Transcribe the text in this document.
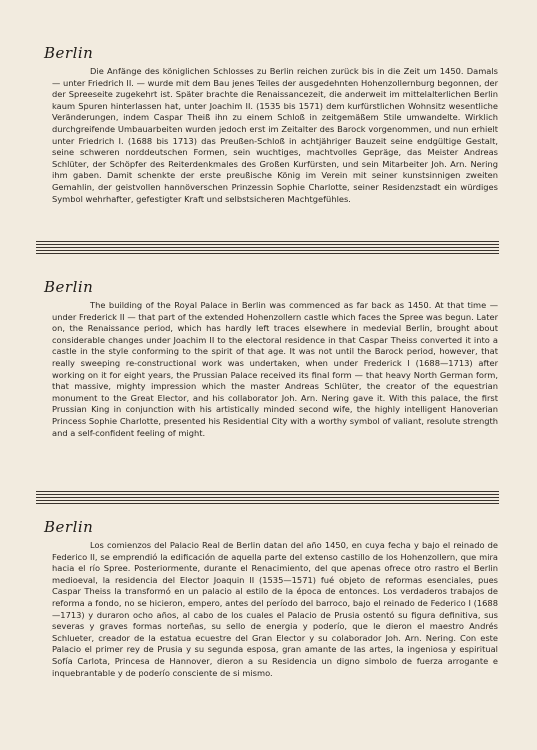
Berlin

Die Anfänge des königlichen Schlosses zu Berlin reichen zurück bis in die Zeit um 1450. Damals — unter Friedrich II. — wurde mit dem Bau jenes Teiles der ausgedehnten Hohenzollernburg begonnen, der der Spreeseite zugekehrt ist. Später brachte die Renaissancezeit, die anderweit im mittelalterlichen Berlin kaum Spuren hinterlassen hat, unter Joachim II. (1535 bis 1571) dem kurfürstlichen Wohnsitz wesentliche Veränderungen, indem Caspar Theiß ihn zu einem Schloß in zeitgemäßem Stile umwandelte. Wirklich durchgreifende Umbauarbeiten wurden jedoch erst im Zeitalter des Barock vorgenommen, und nun erhielt unter Friedrich I. (1688 bis 1713) das Preußen-Schloß in achtjähriger Bauzeit seine endgültige Gestalt, seine schweren norddeutschen Formen, sein wuchtiges, machtvolles Gepräge, das Meister Andreas Schlüter, der Schöpfer des Reiterdenkmales des Großen Kurfürsten, und sein Mitarbeiter Joh. Arn. Nering ihm gaben. Damit schenkte der erste preußische König im Verein mit seiner kunstsinnigen zweiten Gemahlin, der geistvollen hannöverschen Prinzessin Sophie Charlotte, seiner Residenzstadt ein würdiges Symbol wehrhafter, gefestigter Kraft und selbstsicheren Machtgefühles.

Berlin

The building of the Royal Palace in Berlin was commenced as far back as 1450. At that time — under Frederick II — that part of the extended Hohenzollern castle which faces the Spree was begun. Later on, the Renaissance period, which has hardly left traces elsewhere in medevial Berlin, brought about considerable changes under Joachim II to the electoral residence in that Caspar Theiss converted it into a castle in the style conforming to the spirit of that age. It was not until the Barock period, however, that really sweeping re-constructional work was undertaken, when under Frederick I (1688—1713) after working on it for eight years, the Prussian Palace received its final form — that heavy North German form, that massive, mighty impression which the master Andreas Schlüter, the creator of the equestrian monument to the Great Elector, and his collaborator Joh. Arn. Nering gave it. With this palace, the first Prussian King in conjunction with his artistically minded second wife, the highly intelligent Hanoverian Princess Sophie Charlotte, presented his Residential City with a worthy symbol of valiant, resolute strength and a self-confident feeling of might.

Berlin

Los comienzos del Palacio Real de Berlin datan del año 1450, en cuya fecha y bajo el reinado de Federico II, se emprendió la edificación de aquella parte del extenso castillo de los Hohenzollern, que mira hacia el río Spree. Posteriormente, durante el Renacimiento, del que apenas ofrece otro rastro el Berlin medioeval, la residencia del Elector Joaquin II (1535—1571) fué objeto de reformas esenciales, pues Caspar Theiss la transformó en un palacio al estilo de la época de entonces. Los verdaderos trabajos de reforma a fondo, no se hicieron, empero, antes del período del barroco, bajo el reinado de Federico I (1688—1713) y duraron ocho años, al cabo de los cuales el Palacio de Prusia ostentó su figura definitiva, sus severas y graves formas norteñas, su sello de energia y poderío, que le dieron el maestro Andrés Schlueter, creador de la estatua ecuestre del Gran Elector y su colaborador Joh. Arn. Nering. Con este Palacio el primer rey de Prusia y su segunda esposa, gran amante de las artes, la ingeniosa y espiritual Sofía Carlota, Princesa de Hannover, dieron a su Residencia un digno simbolo de fuerza arrogante e inquebrantable y de poderío consciente de si mismo.
